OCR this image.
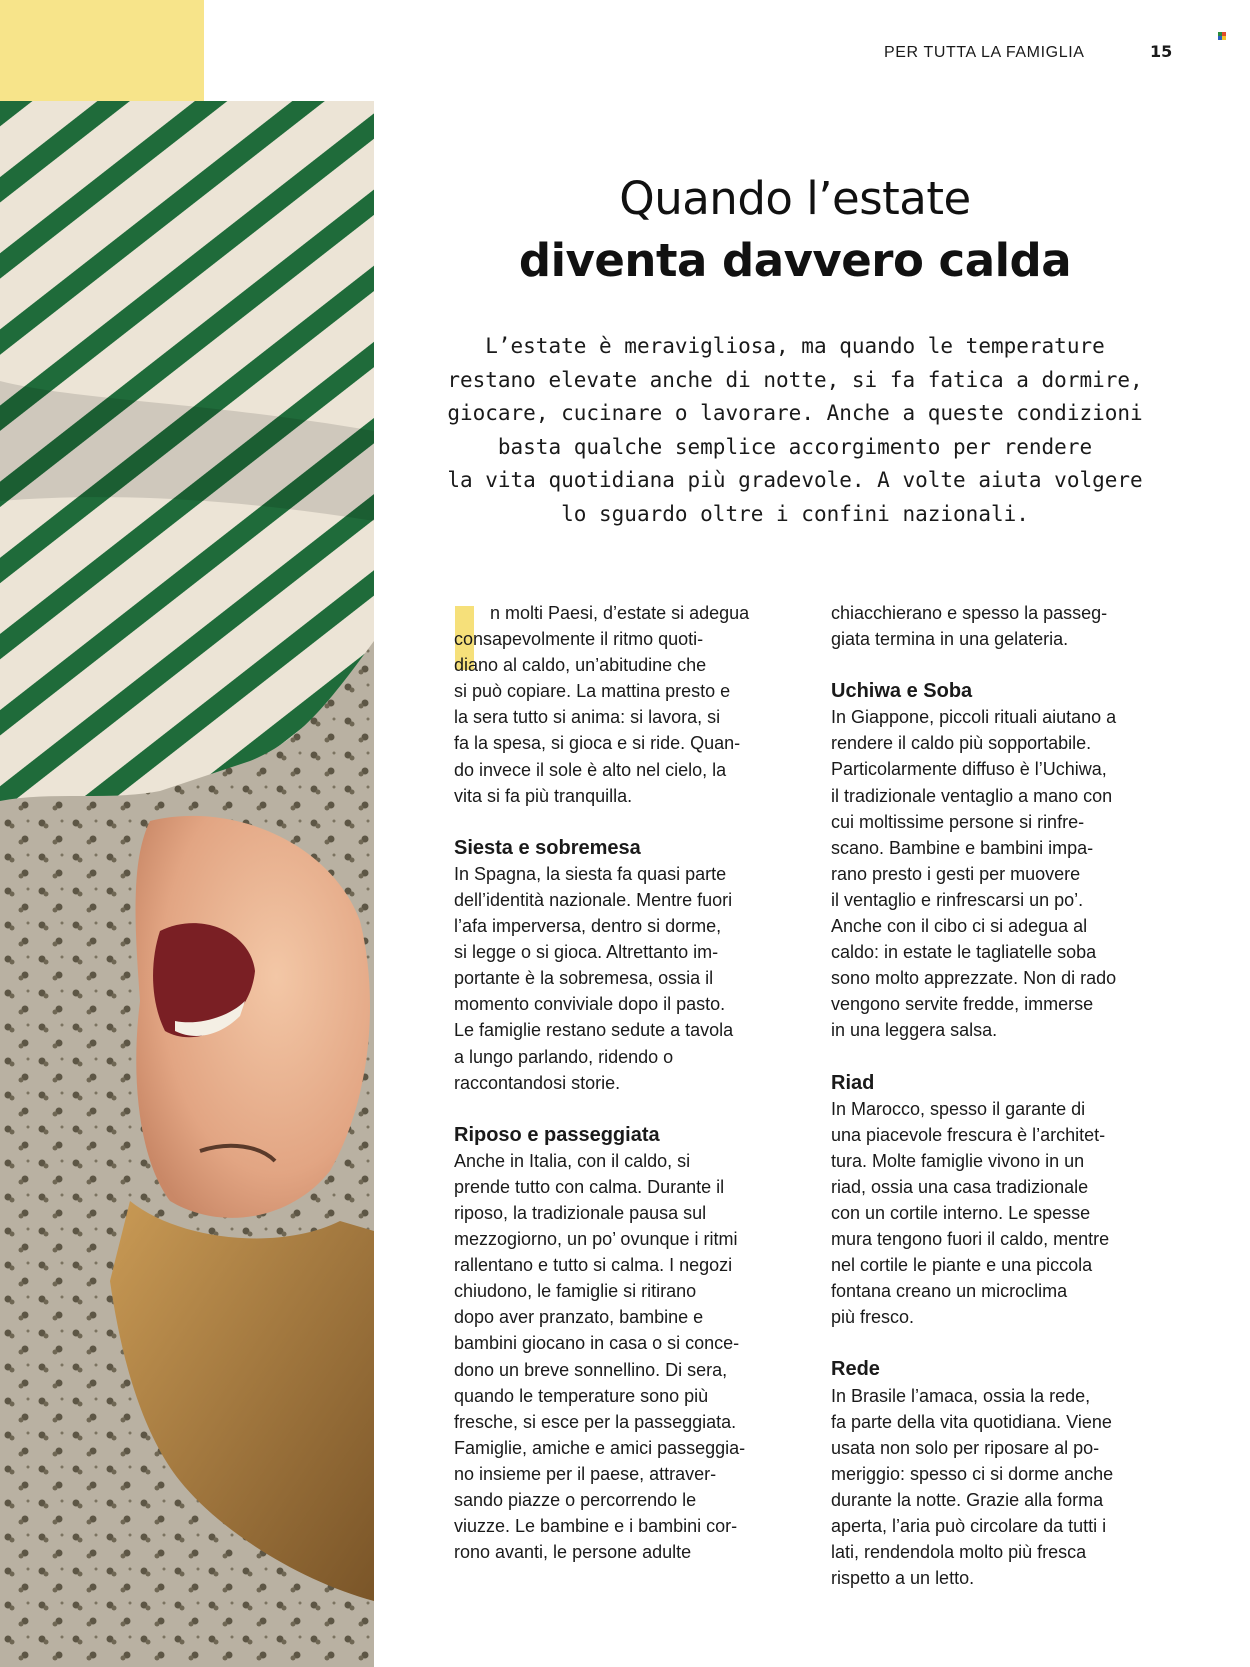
PER TUTTA LA FAMIGLIA	15
Quando l’estate
diventa davvero calda

L’estate è meravigliosa, ma quando le temperature
restano elevate anche di notte, si fa fatica a dormire,
giocare, cucinare o lavorare. Anche a queste condizioni
basta qualche semplice accorgimento per rendere
la vita quotidiana più gradevole. A volte aiuta volgere
lo sguardo oltre i confini nazionali.

n molti Paesi, d’estate si adegua
consapevolmente il ritmo quoti-
diano al caldo, un’abitudine che
si può copiare. La mattina presto e
la sera tutto si anima: si lavora, si
fa la spesa, si gioca e si ride. Quan-
do invece il sole è alto nel cielo, la
vita si fa più tranquilla.

Siesta e sobremesa

In Spagna, la siesta fa quasi parte
dell’identità nazionale. Mentre fuori
l’afa imperversa, dentro si dorme,
si legge o si gioca. Altrettanto im-
portante è la sobremesa, ossia il
momento conviviale dopo il pasto.
Le famiglie restano sedute a tavola
a lungo parlando, ridendo o
raccontandosi storie.

Riposo e passeggiata

Anche in Italia, con il caldo, si
prende tutto con calma. Durante il
riposo, la tradizionale pausa sul
mezzogiorno, un po’ ovunque i ritmi
rallentano e tutto si calma. I negozi
chiudono, le famiglie si ritirano
dopo aver pranzato, bambine e
bambini giocano in casa o si conce-
dono un breve sonnellino. Di sera,
quando le temperature sono più
fresche, si esce per la passeggiata.
Famiglie, amiche e amici passeggia-
no insieme per il paese, attraver-
sando piazze o percorrendo le
viuzze. Le bambine e i bambini cor-
rono avanti, le persone adulte

chiacchierano e spesso la passeg-
giata termina in una gelateria.

Uchiwa e Soba

In Giappone, piccoli rituali aiutano a
rendere il caldo più sopportabile.
Particolarmente diffuso è l’Uchiwa,
il tradizionale ventaglio a mano con
cui moltissime persone si rinfre-
scano. Bambine e bambini impa-
rano presto i gesti per muovere
il ventaglio e rinfrescarsi un po’.
Anche con il cibo ci si adegua al
caldo: in estate le tagliatelle soba
sono molto apprezzate. Non di rado
vengono servite fredde, immerse
in una leggera salsa.

Riad

In Marocco, spesso il garante di
una piacevole frescura è l’architet-
tura. Molte famiglie vivono in un
riad, ossia una casa tradizionale
con un cortile interno. Le spesse
mura tengono fuori il caldo, mentre
nel cortile le piante e una piccola
fontana creano un microclima
più fresco.

Rede

In Brasile l’amaca, ossia la rede,
fa parte della vita quotidiana. Viene
usata non solo per riposare al po-
meriggio: spesso ci si dorme anche
durante la notte. Grazie alla forma
aperta, l’aria può circolare da tutti i
lati, rendendola molto più fresca
rispetto a un letto.
